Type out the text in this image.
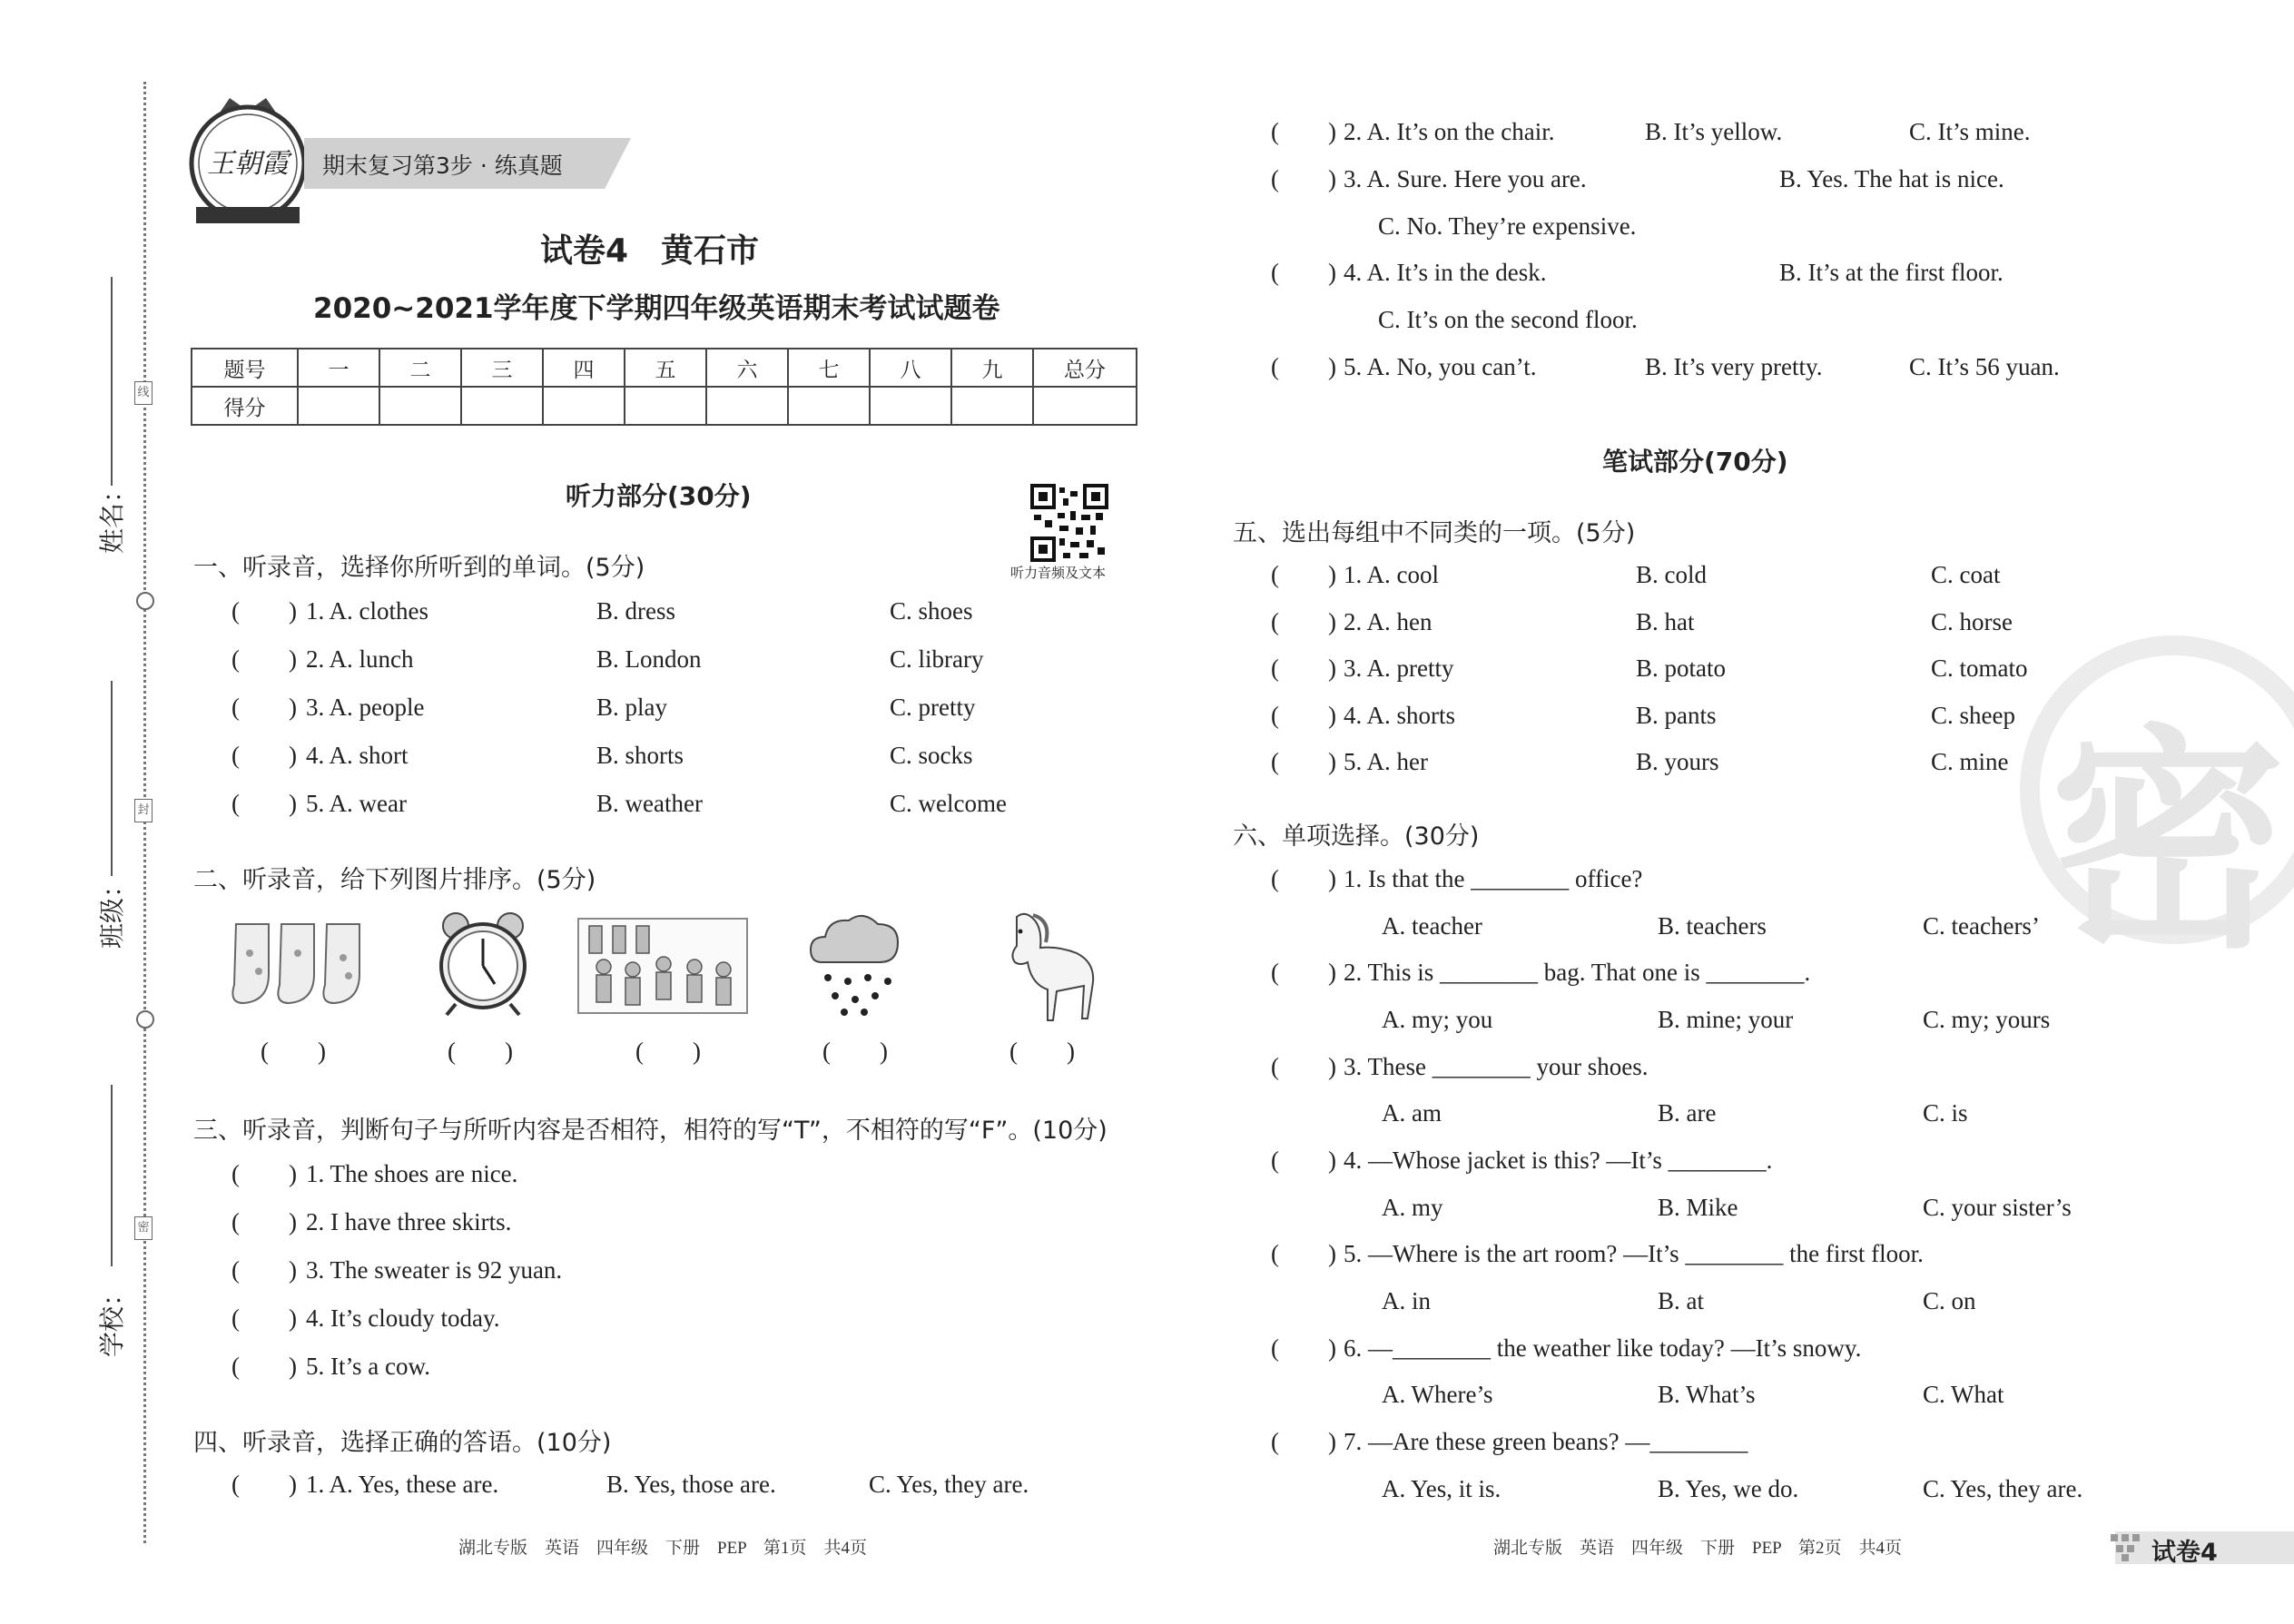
线
封
密
姓名：
班级：
学校：
王朝霞	期末复习第3步 · 练真题
试卷4　黄石市
2020~2021学年度下学期四年级英语期末考试试题卷
题号	一	二	三	四	五	六	七	八	九	总分
得分										
听力部分(30分)
听力音频及文本
一、听录音，选择你所听到的单词。(5分)
(  ) 1. A. clothes	B. dress	C. shoes
(  ) 2. A. lunch	B. London	C. library
(  ) 3. A. people	B. play	C. pretty
(  ) 4. A. short	B. shorts	C. socks
(  ) 5. A. wear	B. weather	C. welcome
二、听录音，给下列图片排序。(5分)
(  )	(  )	(  )	(  )	(  )
三、听录音，判断句子与所听内容是否相符，相符的写“T”，不相符的写“F”。(10分)
(  ) 1. The shoes are nice.
(  ) 2. I have three skirts.
(  ) 3. The sweater is 92 yuan.
(  ) 4. It’s cloudy today.
(  ) 5. It’s a cow.
四、听录音，选择正确的答语。(10分)
(  ) 1. A. Yes, these are.	B. Yes, those are.	C. Yes, they are.
湖北专版　英语　四年级　下册　PEP　第1页　共4页
密
(  ) 2. A. It’s on the chair.	B. It’s yellow.	C. It’s mine.
(  ) 3. A. Sure. Here you are.	B. Yes. The hat is nice.
C. No. They’re expensive.
(  ) 4. A. It’s in the desk.	B. It’s at the first floor.
C. It’s on the second floor.
(  ) 5. A. No, you can’t.	B. It’s very pretty.	C. It’s 56 yuan.
笔试部分(70分)
五、选出每组中不同类的一项。(5分)
(  ) 1. A. cool	B. cold	C. coat
(  ) 2. A. hen	B. hat	C. horse
(  ) 3. A. pretty	B. potato	C. tomato
(  ) 4. A. shorts	B. pants	C. sheep
(  ) 5. A. her	B. yours	C. mine
六、单项选择。(30分)
(  ) 1. Is that the ________ office?
A. teacher	B. teachers	C. teachers’
(  ) 2. This is ________ bag. That one is ________.
A. my; you	B. mine; your	C. my; yours
(  ) 3. These ________ your shoes.
A. am	B. are	C. is
(  ) 4. —Whose jacket is this? —It’s ________.
A. my	B. Mike	C. your sister’s
(  ) 5. —Where is the art room? —It’s ________ the first floor.
A. in	B. at	C. on
(  ) 6. —________ the weather like today? —It’s snowy.
A. Where’s	B. What’s	C. What
(  ) 7. —Are these green beans? —________
A. Yes, it is.	B. Yes, we do.	C. Yes, they are.
湖北专版　英语　四年级　下册　PEP　第2页　共4页	试卷4
